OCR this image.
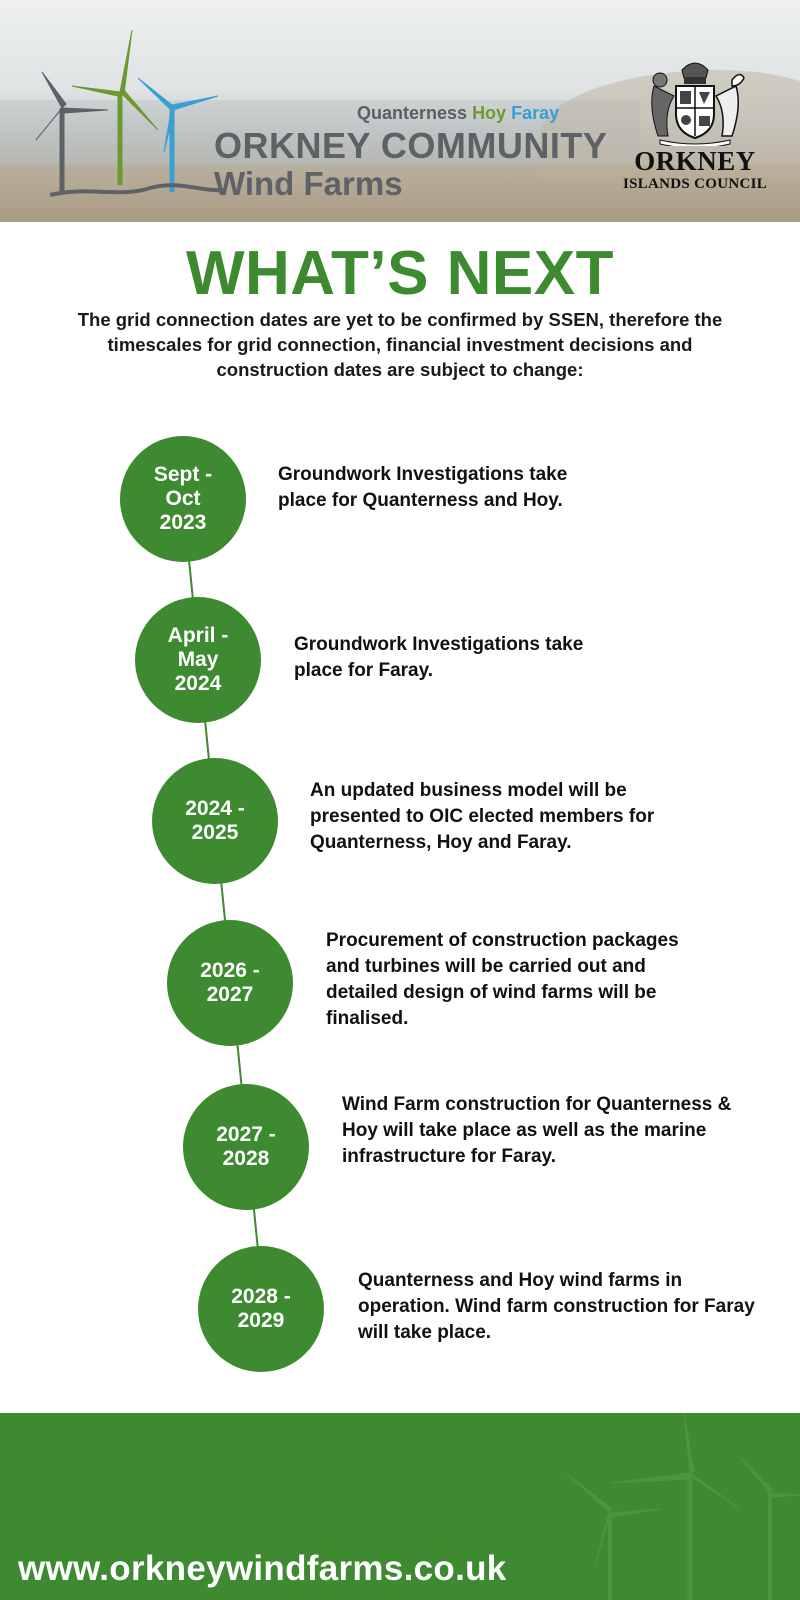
Quanterness Hoy Faray
ORKNEY COMMUNITY
Wind Farms
ORKNEY
ISLANDS COUNCIL
WHAT’S NEXT
The grid connection dates are yet to be confirmed by SSEN, therefore the timescales for grid connection, financial investment decisions and construction dates are subject to change:
Sept -
Oct
2023
Groundwork Investigations take place for Quanterness and Hoy.
April -
May
2024
Groundwork Investigations take place for Faray.
2024 -
2025
An updated business model will be presented to OIC elected members for Quanterness, Hoy and Faray.
2026 -
2027
Procurement of construction packages and turbines will be carried out and detailed design of wind farms will be finalised.
2027 -
2028
Wind Farm construction for Quanterness & Hoy will take place as well as the marine infrastructure for Faray.
2028 -
2029
Quanterness and Hoy wind farms in operation. Wind farm construction for Faray will take place.
www.orkneywindfarms.co.uk
